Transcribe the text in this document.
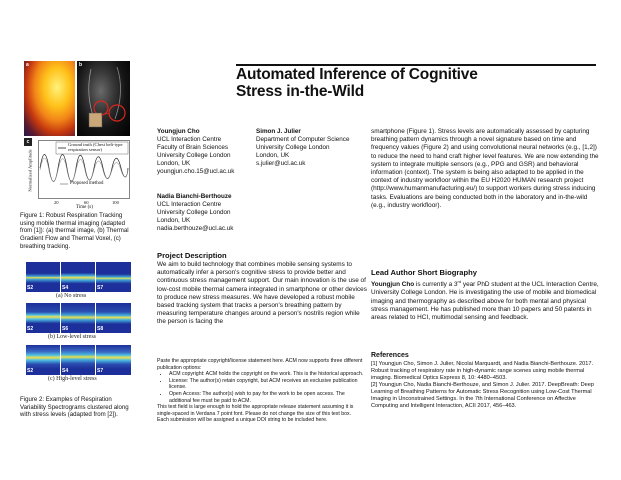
a	b
c
Normalized Amplitude
Ground truth (Chest belt-type respiration sensor)
Proposed method
20	60	100
Time (s)
Figure 1: Robust Respiration Tracking using mobile thermal imaging (adapted from [1]): (a) thermal image, (b) Thermal Gradient Flow and Thermal Voxel, (c) breathing tracking.
S2	S4	S7
(a) No stress
S2	S6	S8
(b) Low-level stress
S2	S4	S7
(c) High-level stress
Figure 2: Examples of Respiration Variability Spectrograms clustered along with stress levels (adapted from [2]).
Automated Inference of Cognitive
Stress in-the-Wild
Youngjun Cho
UCL Interaction Centre
Faculty of Brain Sciences
University College London
London, UK
youngjun.cho.15@ucl.ac.uk
Simon J. Julier
Department of Computer Science
University College London
London, UK
s.julier@ucl.ac.uk
Nadia Bianchi-Berthouze
UCL Interaction Centre
University College London
London, UK
nadia.berthouze@ucl.ac.uk
Project Description
We aim to build technology that combines mobile sensing systems to automatically infer a person's cognitive stress to provide better and continuous stress management support. Our main innovation is the use of low-cost mobile thermal camera integrated in smartphone or other devices to produce new stress measures. We have developed a robust mobile based tracking system that tracks a person's breathing pattern by measuring temperature changes around a person's nostrils region while the person is facing the
Paste the appropriate copyright/license statement here. ACM now supports three different publication options:
• ACM copyright: ACM holds the copyright on the work. This is the historical approach.
• License: The author(s) retain copyright, but ACM receives an exclusive publication license.
• Open Access: The author(s) wish to pay for the work to be open access. The additional fee must be paid to ACM.
This text field is large enough to hold the appropriate release statement assuming it is single-spaced in Verdana 7 point font. Please do not change the size of this text box.
Each submission will be assigned a unique DOI string to be included here.
smartphone (Figure 1). Stress levels are automatically assessed by capturing breathing pattern dynamics through a novel signature based on time and frequency values (Figure 2) and using convolutional neural networks (e.g., [1,2]) to reduce the need to hand craft higher level features. We are now extending the system to integrate multiple sensors (e.g., PPG and GSR) and behavioral information (context). The system is being also adapted to be applied in the context of industry workfloor within the EU H2020 HUMAN research project (http://www.humanmanufacturing.eu/) to support workers during stress inducing tasks. Evaluations are being conducted both in the laboratory and in-the-wild (e.g., industry workfloor).
Lead Author Short Biography
Youngjun Cho is currently a 3rd year PhD student at the UCL Interaction Centre, University College London. He is investigating the use of mobile and biomedical imaging and thermography as described above for both mental and physical stress management. He has published more than 10 papers and 50 patents in areas related to HCI, multimodal sensing and feedback.
References
[1] Youngjun Cho, Simon J. Julier, Nicolai Marquardt, and Nadia Bianchi-Berthouze. 2017. Robust tracking of respiratory rate in high-dynamic range scenes using mobile thermal imaging. Biomedical Optics Express 8, 10: 4480–4503.
[2] Youngjun Cho, Nadia Bianchi-Berthouze, and Simon J. Julier. 2017. DeepBreath: Deep Learning of Breathing Patterns for Automatic Stress Recognition using Low-Cost Thermal Imaging in Unconstrained Settings. In the 7th International Conference on Affective Computing and Intelligent Interaction, ACII 2017, 456–463.
